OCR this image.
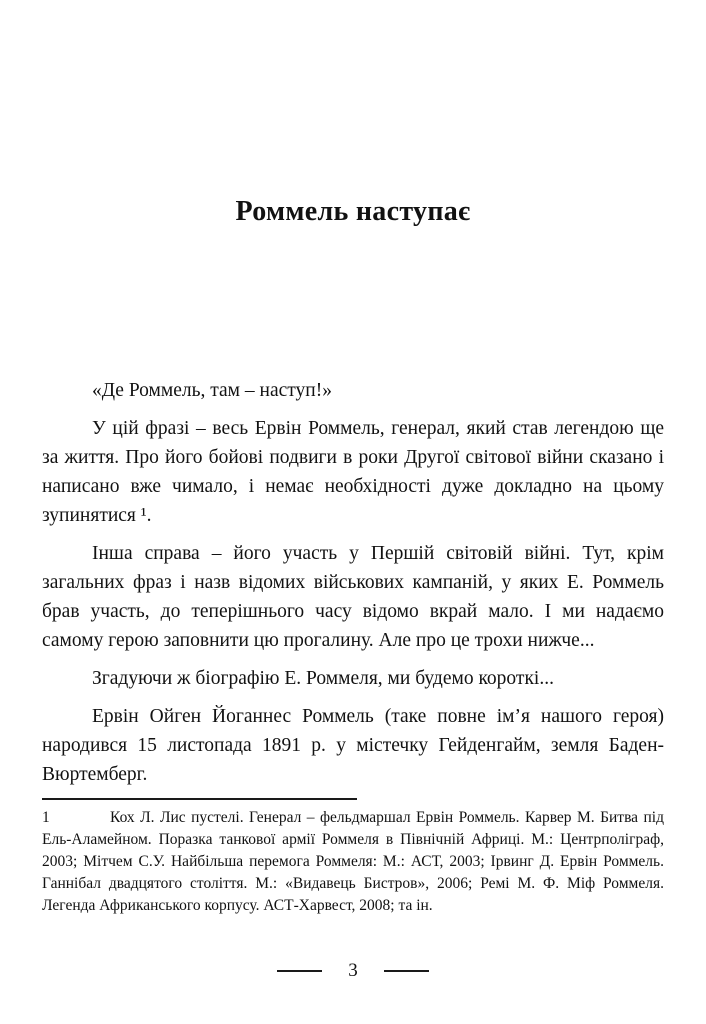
Роммель наступає

«Де Роммель, там – наступ!»

У цій фразі – весь Ервін Роммель, генерал, який став легендою ще за життя. Про його бойові подвиги в роки Другої світової війни сказано і написано вже чимало, і немає необхідності дуже докладно на цьому зупинятися ¹.

Інша справа – його участь у Першій світовій війні. Тут, крім загальних фраз і назв відомих військових кампаній, у яких Е. Роммель брав участь, до теперішнього часу відомо вкрай мало. І ми надаємо самому герою заповнити цю прогалину. Але про це трохи нижче...

Згадуючи ж біографію Е. Роммеля, ми будемо короткі...

Ервін Ойген Йоганнес Роммель (таке повне ім’я нашого героя) народився 15 листопада 1891 р. у містечку Гейденгайм, земля Баден-Вюртемберг.

1	Кох Л. Лис пустелі. Генерал – фельдмаршал Ервін Роммель. Карвер М. Битва під Ель-Аламейном. Поразка танкової армії Роммеля в Північній Африці. М.: Центрполіграф, 2003; Мітчем С.У. Найбільша перемога Роммеля: М.: АСТ, 2003; Ірвинг Д. Ервін Роммель. Ганнібал двадцятого століття. М.: «Видавець Бистров», 2006; Ремі М. Ф. Міф Роммеля. Легенда Африканського корпусу. АСТ-Харвест, 2008; та ін.

3
